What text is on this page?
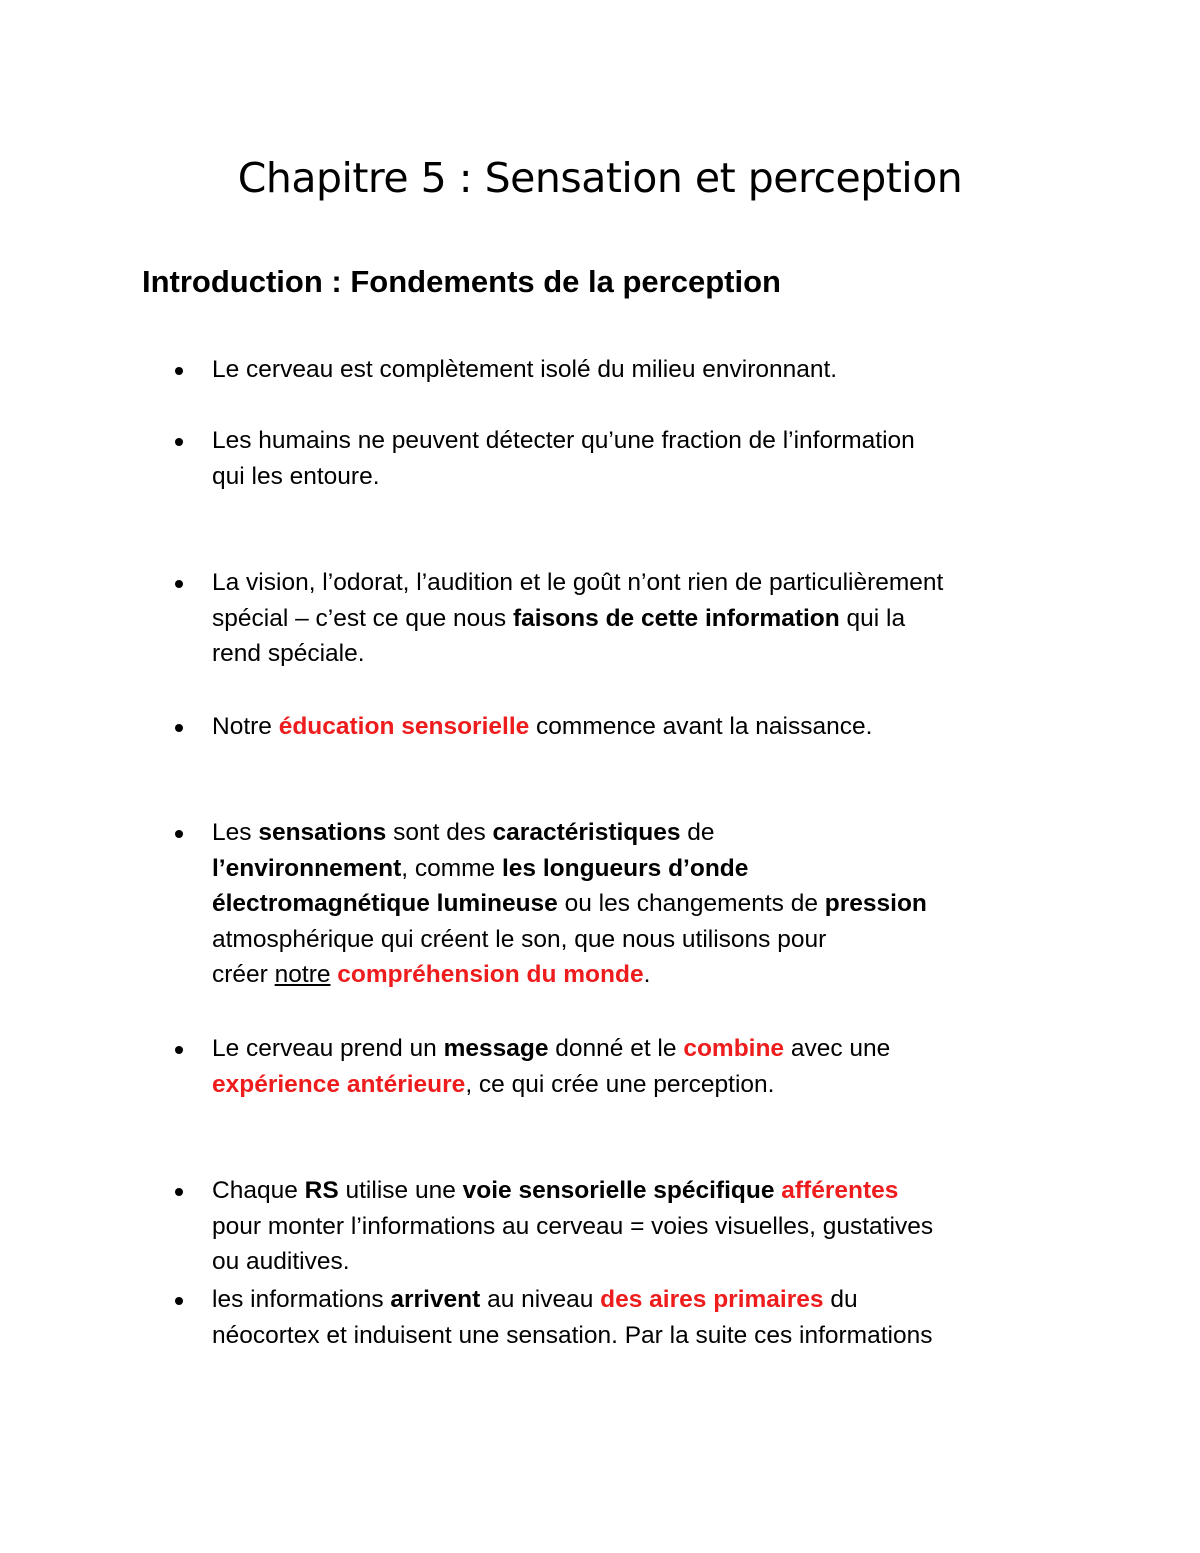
Chapitre 5 : Sensation et perception
Introduction : Fondements de la perception
Le cerveau est complètement isolé du milieu environnant.
Les humains ne peuvent détecter qu’une fraction de l’information
qui les entoure.
La vision, l’odorat, l’audition et le goût n’ont rien de particulièrement
spécial – c’est ce que nous faisons de cette information qui la
rend spéciale.
Notre éducation sensorielle commence avant la naissance.
Les sensations sont des caractéristiques de
l’environnement, comme les longueurs d’onde
électromagnétique lumineuse ou les changements de pression
atmosphérique qui créent le son, que nous utilisons pour
créer notre compréhension du monde.
Le cerveau prend un message donné et le combine avec une
expérience antérieure, ce qui crée une perception.
Chaque RS utilise une voie sensorielle spécifique afférentes
pour monter l’informations au cerveau = voies visuelles, gustatives
ou auditives.
les informations arrivent au niveau des aires primaires du
néocortex et induisent une sensation. Par la suite ces informations
